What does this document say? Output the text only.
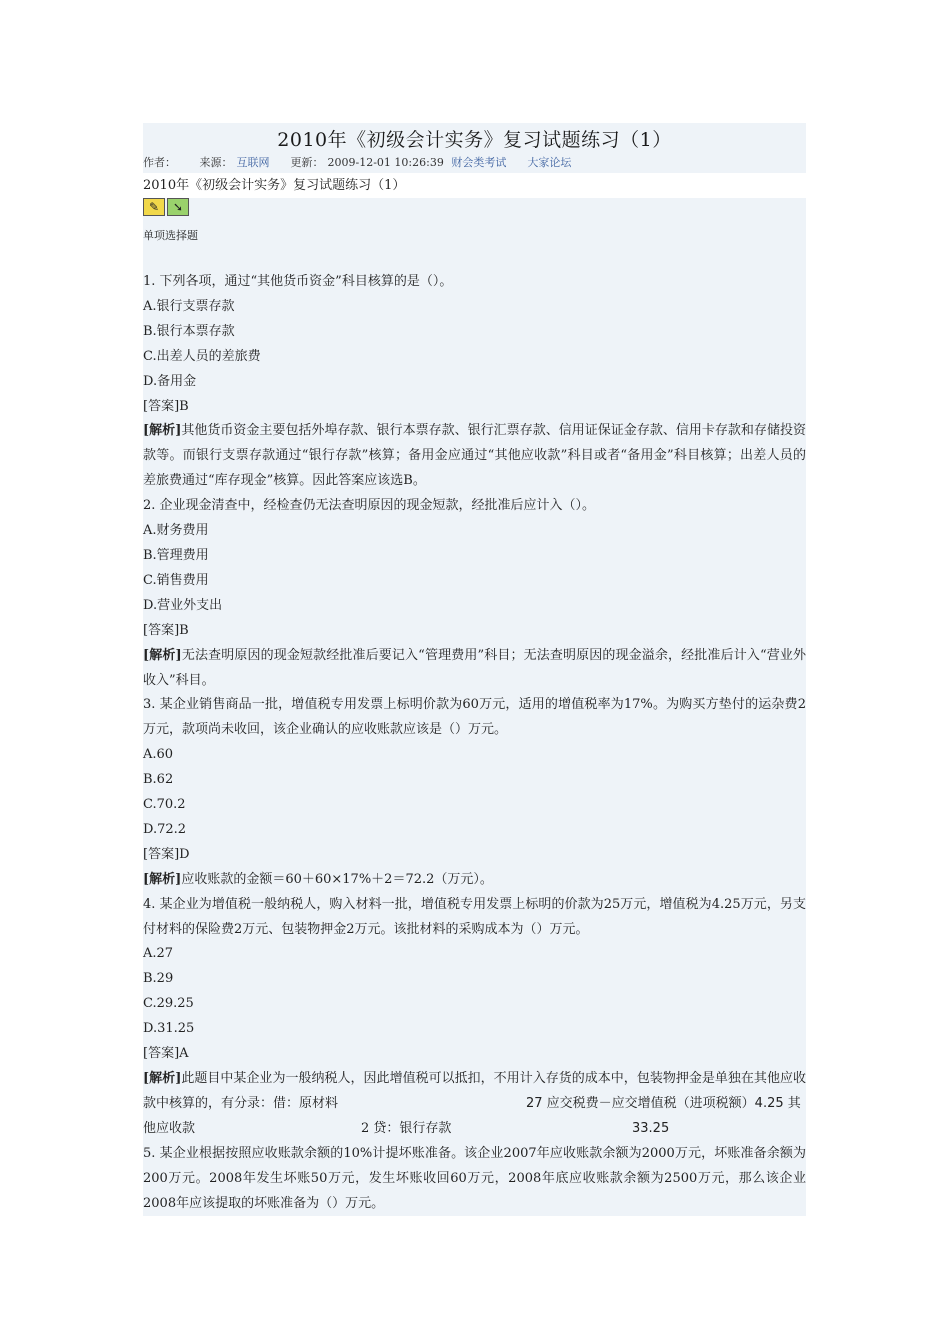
2010年《初级会计实务》复习试题练习（1）
作者： 来源： 互联网 更新： 2009-12-01 10:26:39 财会类考试 大家论坛
2010年《初级会计实务》复习试题练习（1）
✎	➘
单项选择题
1. 下列各项，通过“其他货币资金”科目核算的是（）。
A.银行支票存款
B.银行本票存款
C.出差人员的差旅费
D.备用金
[答案]B
[解析]其他货币资金主要包括外埠存款、银行本票存款、银行汇票存款、信用证保证金存款、信用卡存款和存储投资款等。而银行支票存款通过“银行存款”核算；备用金应通过“其他应收款”科目或者“备用金”科目核算；出差人员的差旅费通过“库存现金”核算。因此答案应该选B。
2. 企业现金清查中，经检查仍无法查明原因的现金短款，经批准后应计入（）。
A.财务费用
B.管理费用
C.销售费用
D.营业外支出
[答案]B
[解析]无法查明原因的现金短款经批准后要记入“管理费用”科目；无法查明原因的现金溢余，经批准后计入“营业外收入”科目。
3. 某企业销售商品一批，增值税专用发票上标明价款为60万元，适用的增值税率为17%。为购买方垫付的运杂费2万元，款项尚未收回，该企业确认的应收账款应该是（）万元。
A.60
B.62
C.70.2
D.72.2
[答案]D
[解析]应收账款的金额＝60＋60×17%＋2＝72.2（万元）。
4. 某企业为增值税一般纳税人，购入材料一批，增值税专用发票上标明的价款为25万元，增值税为4.25万元，另支付材料的保险费2万元、包装物押金2万元。该批材料的采购成本为（）万元。
A.27
B.29
C.29.25
D.31.25
[答案]A
[解析]此题目中某企业为一般纳税人，因此增值税可以抵扣，不用计入存货的成本中，包装物押金是单独在其他应收款中核算的，有分录：借：原材料	27 应交税费－应交增值税（进项税额）4.25 其
他应收款	2 贷：银行存款	33.25
5. 某企业根据按照应收账款余额的10%计提坏账准备。该企业2007年应收账款余额为2000万元，坏账准备余额为200万元。2008年发生坏账50万元，发生坏账收回60万元，2008年底应收账款余额为2500万元，那么该企业2008年应该提取的坏账准备为（）万元。
